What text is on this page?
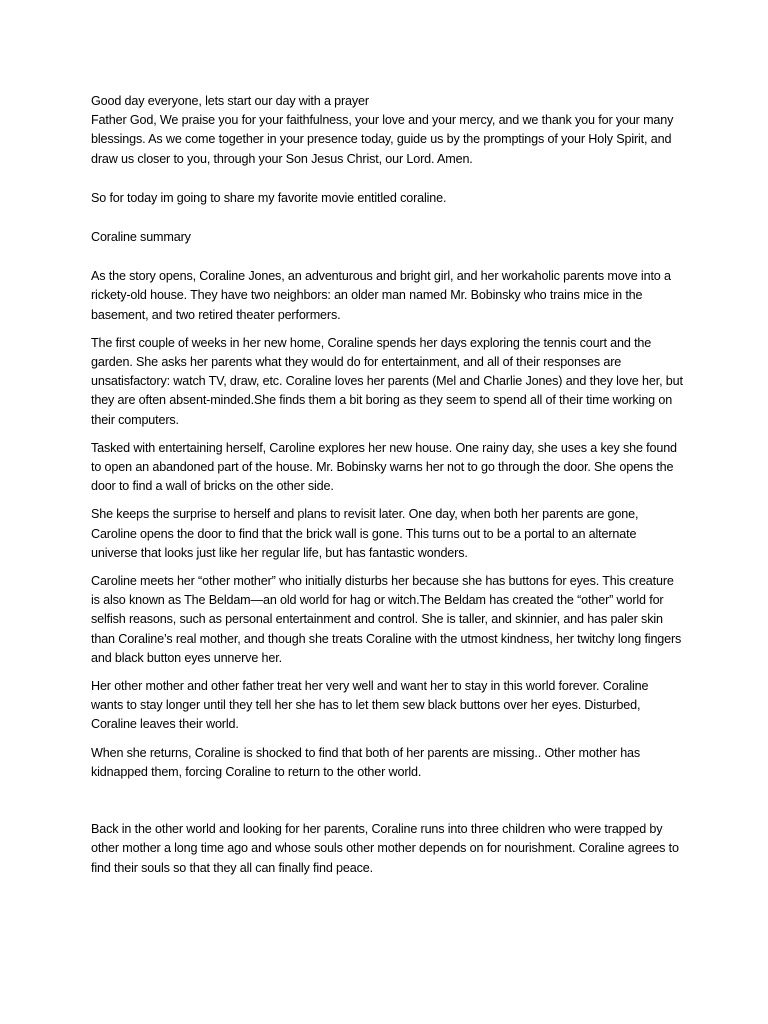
Good day everyone, lets start our day with a prayer

Father God, We praise you for your faithfulness, your love and your mercy, and we thank you for your many blessings. As we come together in your presence today, guide us by the promptings of your Holy Spirit, and draw us closer to you, through your Son Jesus Christ, our Lord. Amen.

So for today im going to share my favorite movie entitled coraline.

Coraline summary

As the story opens, Coraline Jones, an adventurous and bright girl, and her workaholic parents move into a rickety-old house. They have two neighbors: an older man named Mr. Bobinsky who trains mice in the basement, and two retired theater performers.

The first couple of weeks in her new home, Coraline spends her days exploring the tennis court and the garden. She asks her parents what they would do for entertainment, and all of their responses are unsatisfactory: watch TV, draw, etc. Coraline loves her parents (Mel and Charlie Jones) and they love her, but they are often absent-minded.She finds them a bit boring as they seem to spend all of their time working on their computers.

Tasked with entertaining herself, Caroline explores her new house. One rainy day, she uses a key she found to open an abandoned part of the house. Mr. Bobinsky warns her not to go through the door. She opens the door to find a wall of bricks on the other side.

She keeps the surprise to herself and plans to revisit later. One day, when both her parents are gone, Caroline opens the door to find that the brick wall is gone. This turns out to be a portal to an alternate universe that looks just like her regular life, but has fantastic wonders.

Caroline meets her “other mother” who initially disturbs her because she has buttons for eyes. This creature is also known as The Beldam—an old world for hag or witch.The Beldam has created the “other” world for selfish reasons, such as personal entertainment and control. She is taller, and skinnier, and has paler skin than Coraline’s real mother, and though she treats Coraline with the utmost kindness, her twitchy long fingers and black button eyes unnerve her.

Her other mother and other father treat her very well and want her to stay in this world forever. Coraline wants to stay longer until they tell her she has to let them sew black buttons over her eyes. Disturbed, Coraline leaves their world.

When she returns, Coraline is shocked to find that both of her parents are missing.. Other mother has kidnapped them, forcing Coraline to return to the other world.

Back in the other world and looking for her parents, Coraline runs into three children who were trapped by other mother a long time ago and whose souls other mother depends on for nourishment. Coraline agrees to find their souls so that they all can finally find peace.
